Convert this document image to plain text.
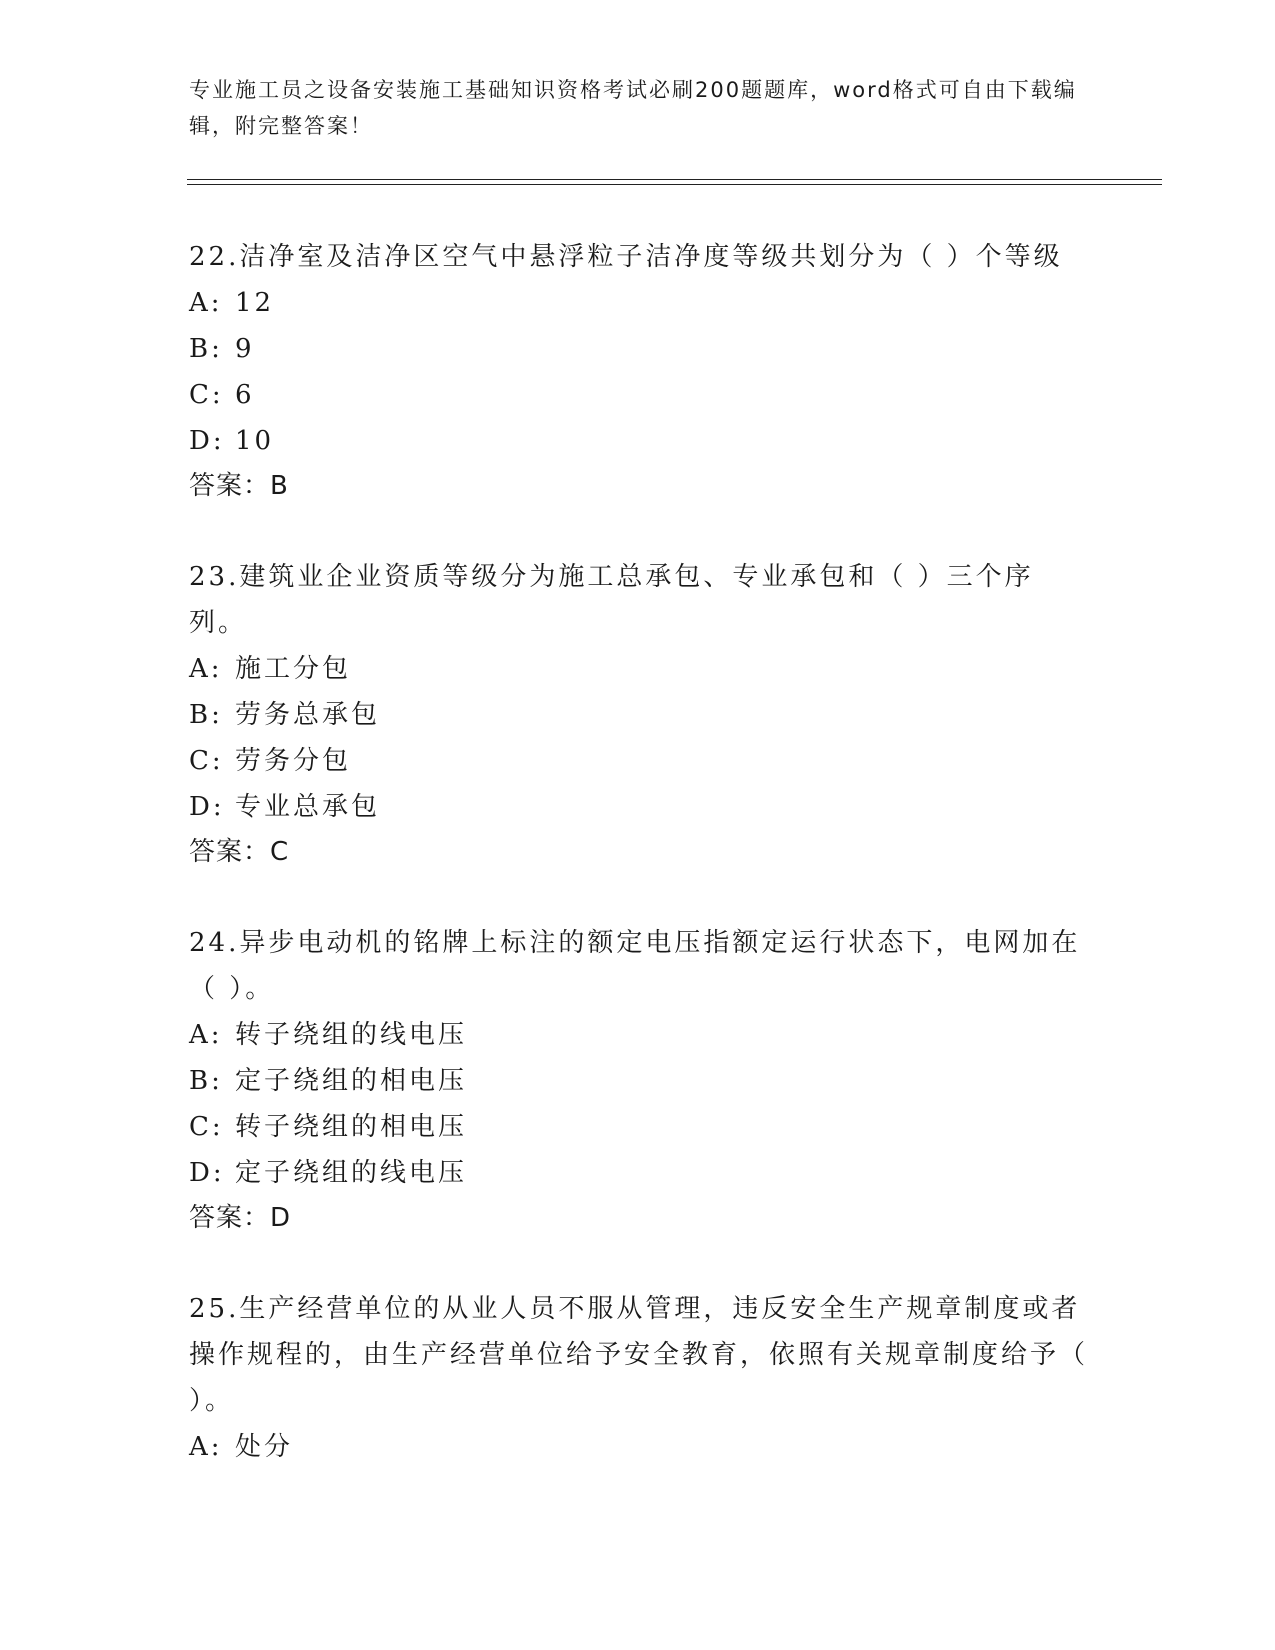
专业施工员之设备安装施工基础知识资格考试必刷200题题库，word格式可自由下载编辑，附完整答案！

22.洁净室及洁净区空气中悬浮粒子洁净度等级共划分为（ ）个等级

A: 12
B: 9
C: 6
D: 10
答案：B

23.建筑业企业资质等级分为施工总承包、专业承包和（ ）三个序列。

A: 施工分包
B: 劳务总承包
C: 劳务分包
D: 专业总承包
答案：C

24.异步电动机的铭牌上标注的额定电压指额定运行状态下，电网加在（ ）。

A: 转子绕组的线电压
B: 定子绕组的相电压
C: 转子绕组的相电压
D: 定子绕组的线电压
答案：D

25.生产经营单位的从业人员不服从管理，违反安全生产规章制度或者操作规程的，由生产经营单位给予安全教育，依照有关规章制度给予（ ）。

A: 处分
